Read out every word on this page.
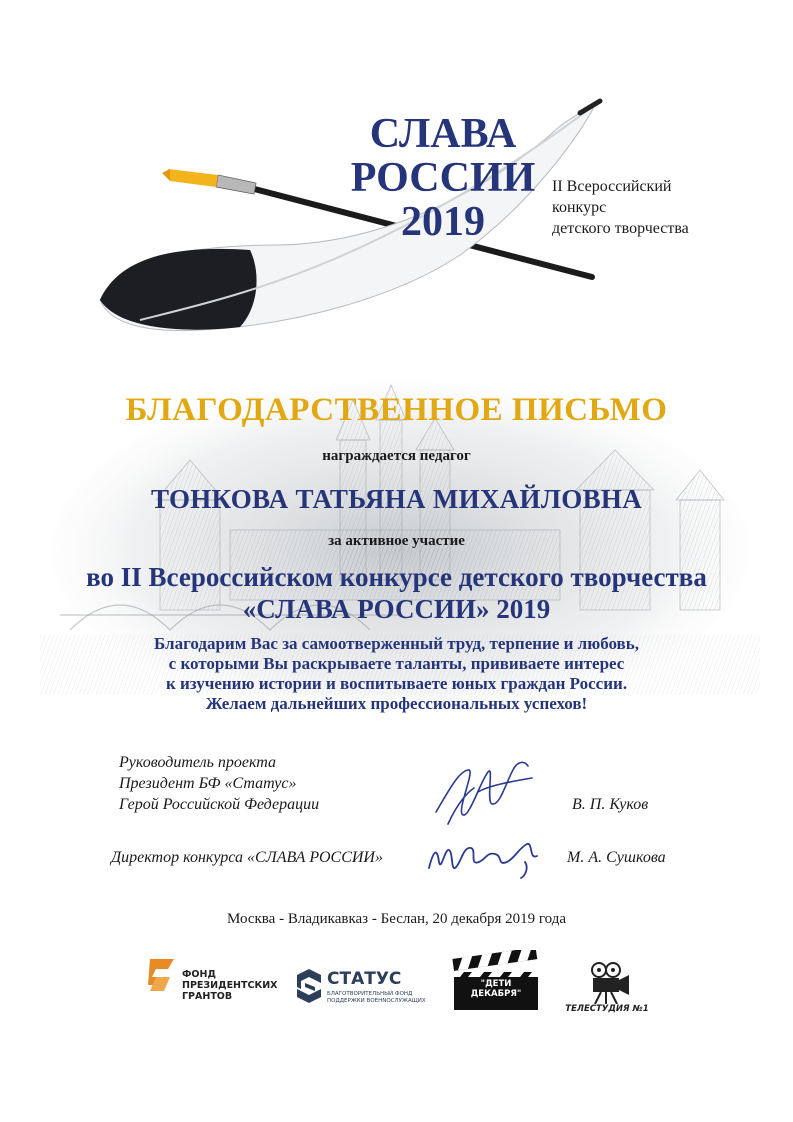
СЛАВА
РОССИИ
2019
II Всероссийский
конкурс
детского творчества
БЛАГОДАРСТВЕННОЕ ПИСЬМО
награждается педагог
ТОНКОВА ТАТЬЯНА МИХАЙЛОВНА
за активное участие
во II Всероссийском конкурсе детского творчества
«СЛАВА РОССИИ» 2019
Благодарим Вас за самоотверженный труд, терпение и любовь,
с которыми Вы раскрываете таланты, прививаете интерес
к изучению истории и воспитываете юных граждан России.
Желаем дальнейших профессиональных успехов!
Руководитель проекта
Президент БФ «Статус»
Герой Российской Федерации	В. П. Куков
Директор конкурса «СЛАВА РОССИИ»	М. А. Сушкова
Москва - Владикавказ - Беслан, 20 декабря 2019 года
ФОНД
ПРЕЗИДЕНТСКИХ
ГРАНТОВ
СТАТУС
БЛАГОТВОРИТЕЛЬНЫЙ ФОНД
ПОДДЕРЖКИ ВОЕНNОСЛУЖАЩИХ
"ДЕТИ
ДЕКАБРЯ"
ТЕЛЕСТУДИЯ №1
